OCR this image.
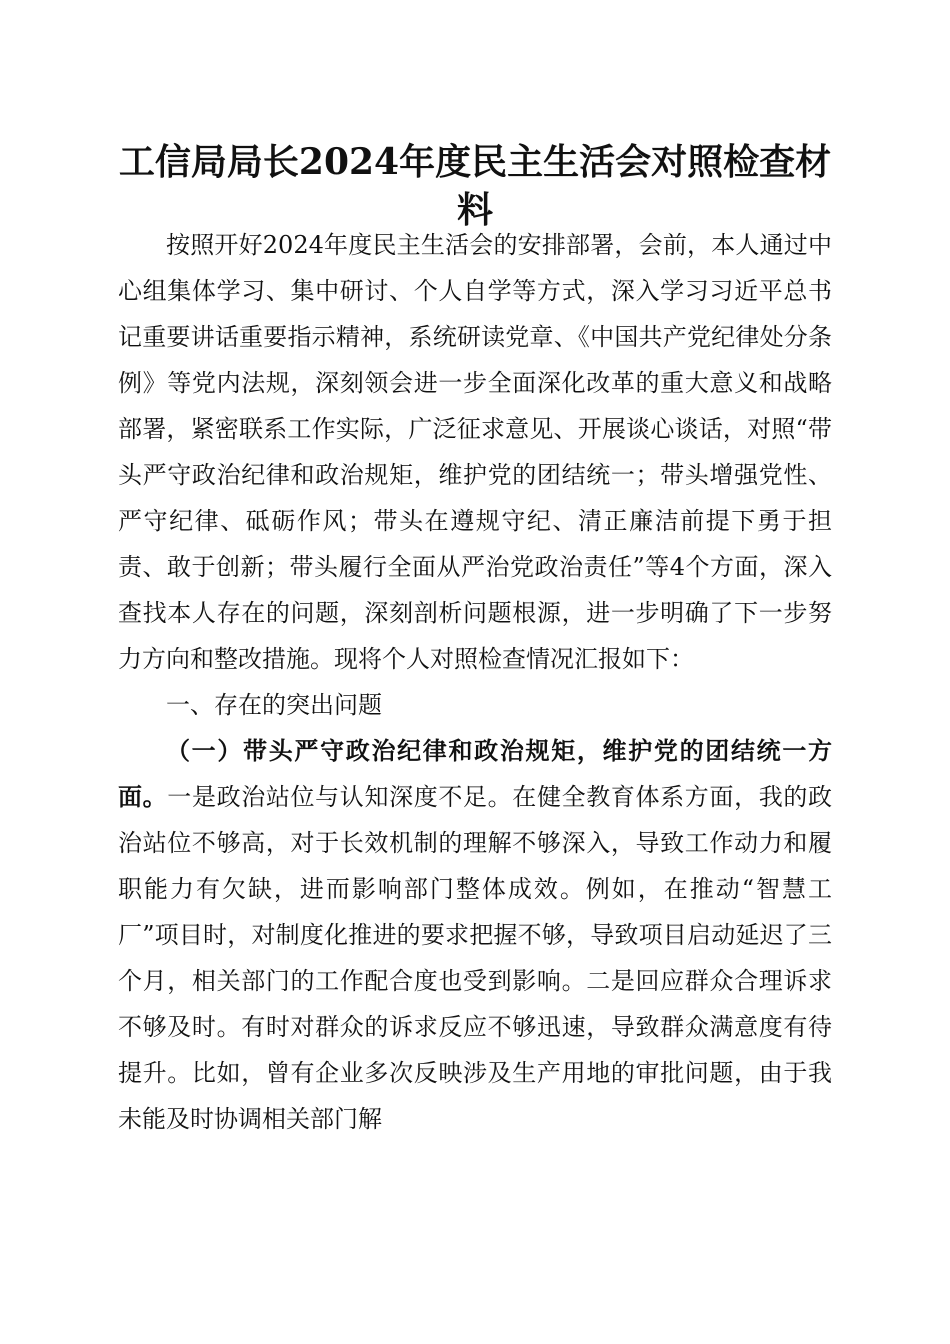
工信局局长2024年度民主生活会对照检查材料

按照开好2024年度民主生活会的安排部署，会前，本人通过中心组集体学习、集中研讨、个人自学等方式，深入学习习近平总书记重要讲话重要指示精神，系统研读党章、《中国共产党纪律处分条例》等党内法规，深刻领会进一步全面深化改革的重大意义和战略部署，紧密联系工作实际，广泛征求意见、开展谈心谈话，对照“带头严守政治纪律和政治规矩，维护党的团结统一；带头增强党性、严守纪律、砥砺作风；带头在遵规守纪、清正廉洁前提下勇于担责、敢于创新；带头履行全面从严治党政治责任”等4个方面，深入查找本人存在的问题，深刻剖析问题根源，进一步明确了下一步努力方向和整改措施。现将个人对照检查情况汇报如下：

一、存在的突出问题

（一）带头严守政治纪律和政治规矩，维护党的团结统一方面。一是政治站位与认知深度不足。在健全教育体系方面，我的政治站位不够高，对于长效机制的理解不够深入，导致工作动力和履职能力有欠缺，进而影响部门整体成效。例如，在推动“智慧工厂”项目时，对制度化推进的要求把握不够，导致项目启动延迟了三个月，相关部门的工作配合度也受到影响。二是回应群众合理诉求不够及时。有时对群众的诉求反应不够迅速，导致群众满意度有待提升。比如，曾有企业多次反映涉及生产用地的审批问题，由于我未能及时协调相关部门解
